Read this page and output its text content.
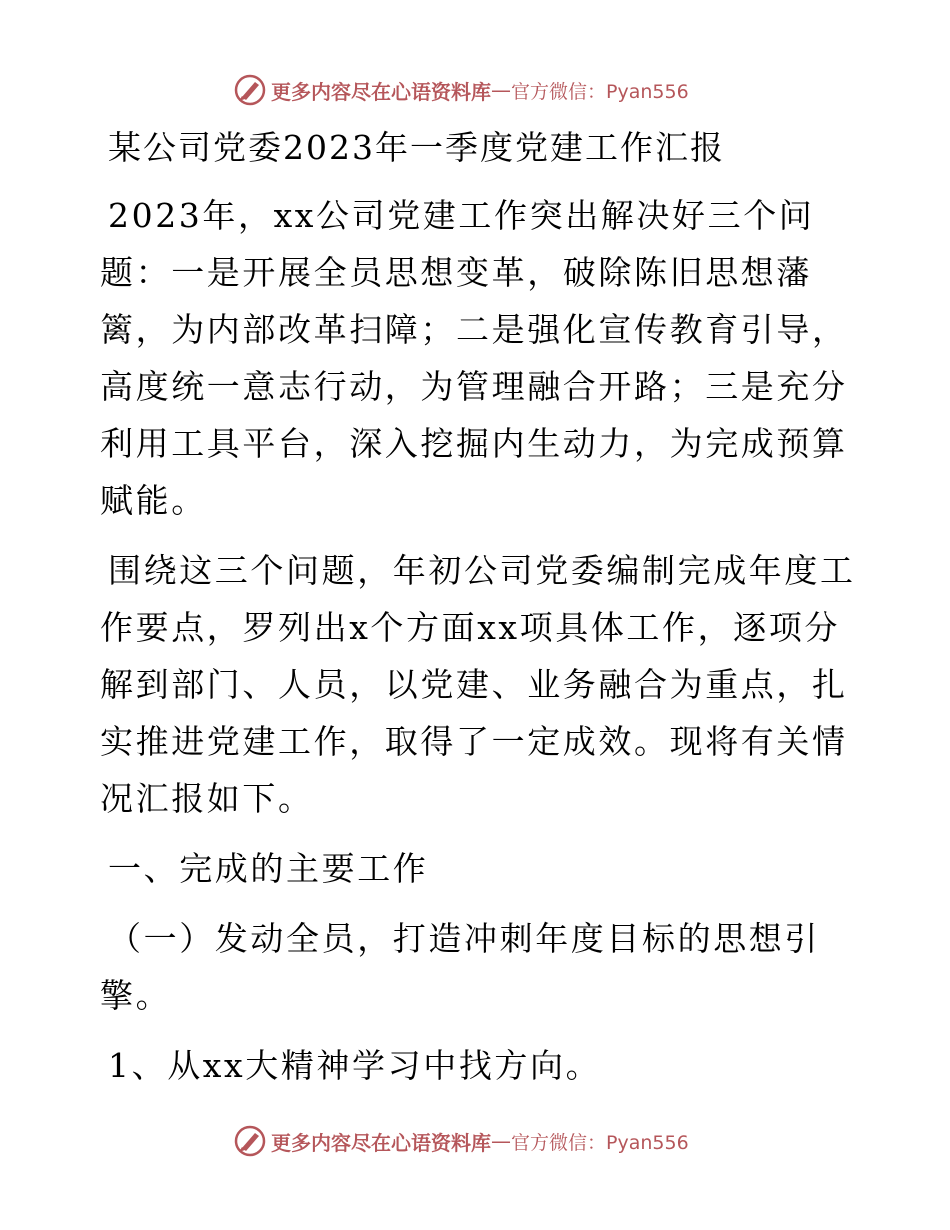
更多内容尽在心语资料库 — 官方微信：Pyan556
某公司党委2023年一季度党建工作汇报

2023年，xx公司党建工作突出解决好三个问题：一是开展全员思想变革，破除陈旧思想藩篱，为内部改革扫障；二是强化宣传教育引导，高度统一意志行动，为管理融合开路；三是充分利用工具平台，深入挖掘内生动力，为完成预算赋能。

围绕这三个问题，年初公司党委编制完成年度工作要点，罗列出x个方面xx项具体工作，逐项分解到部门、人员，以党建、业务融合为重点，扎实推进党建工作，取得了一定成效。现将有关情况汇报如下。

一、完成的主要工作

（一）发动全员，打造冲刺年度目标的思想引擎。

1、从xx大精神学习中找方向。

更多内容尽在心语资料库 — 官方微信：Pyan556
